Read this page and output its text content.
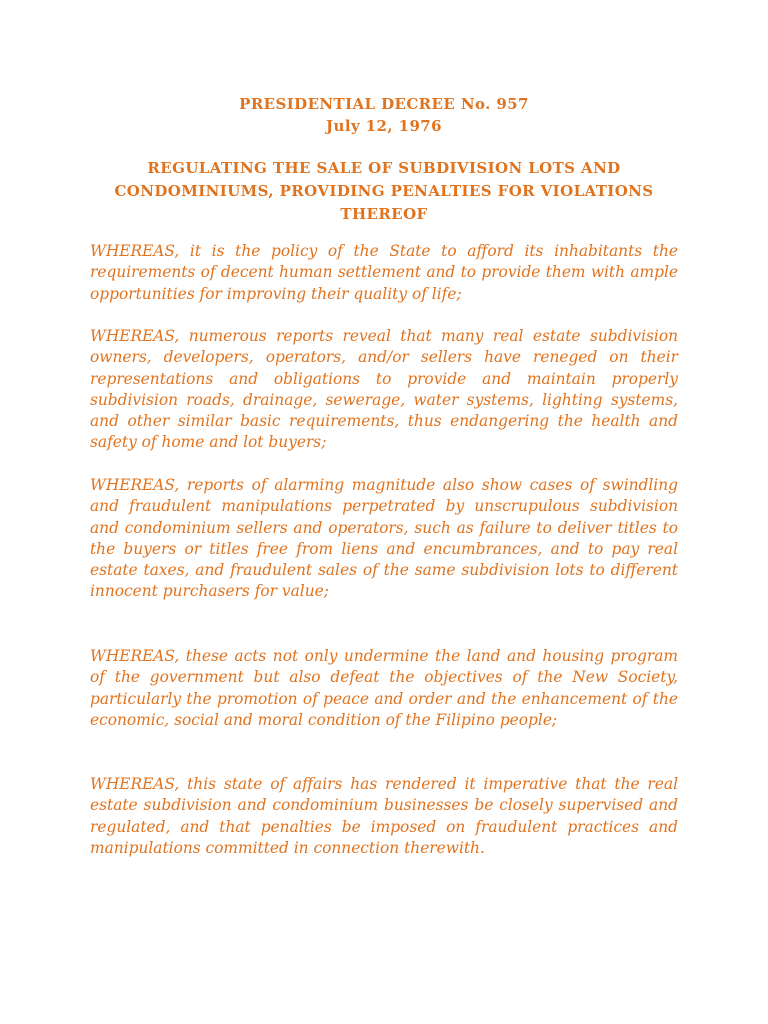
PRESIDENTIAL DECREE No. 957

July 12, 1976

REGULATING THE SALE OF SUBDIVISION LOTS AND CONDOMINIUMS, PROVIDING PENALTIES FOR VIOLATIONS THEREOF

WHEREAS, it is the policy of the State to afford its inhabitants the requirements of decent human settlement and to provide them with ample opportunities for improving their quality of life;

WHEREAS, numerous reports reveal that many real estate subdivision owners, developers, operators, and/or sellers have reneged on their representations and obligations to provide and maintain properly subdivision roads, drainage, sewerage, water systems, lighting systems, and other similar basic requirements, thus endangering the health and safety of home and lot buyers;

WHEREAS, reports of alarming magnitude also show cases of swindling and fraudulent manipulations perpetrated by unscrupulous subdivision and condominium sellers and operators, such as failure to deliver titles to the buyers or titles free from liens and encumbrances, and to pay real estate taxes, and fraudulent sales of the same subdivision lots to different innocent purchasers for value;

WHEREAS, these acts not only undermine the land and housing program of the government but also defeat the objectives of the New Society, particularly the promotion of peace and order and the enhancement of the economic, social and moral condition of the Filipino people;

WHEREAS, this state of affairs has rendered it imperative that the real estate subdivision and condominium businesses be closely supervised and regulated, and that penalties be imposed on fraudulent practices and manipulations committed in connection therewith.
